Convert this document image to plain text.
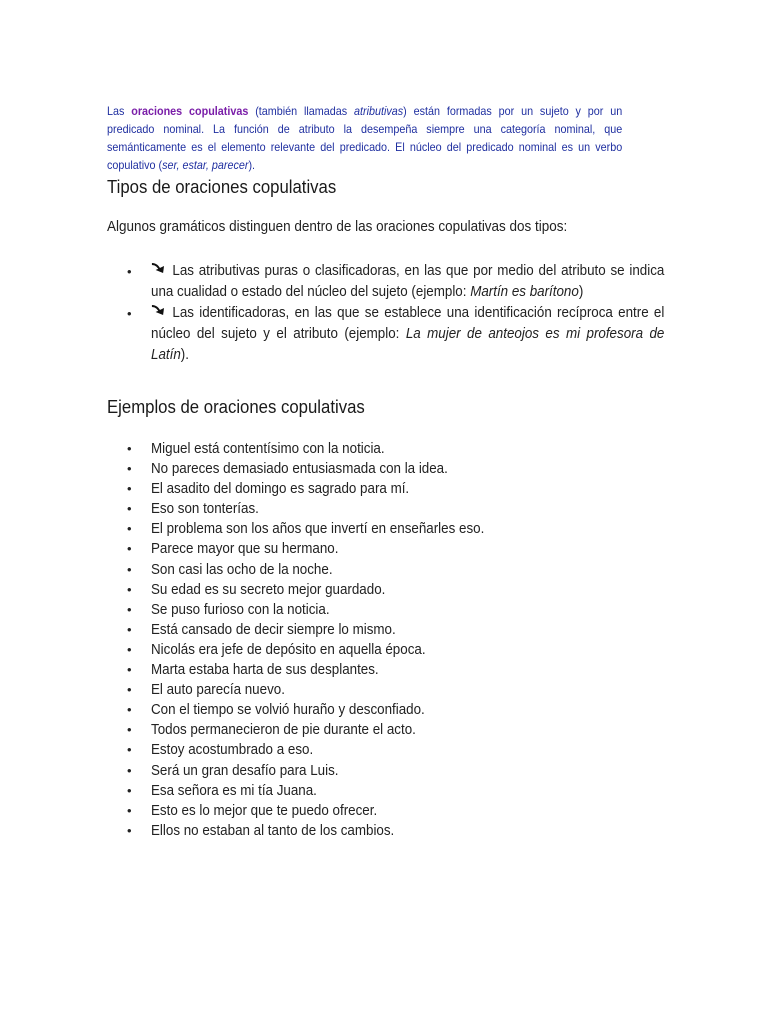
Las oraciones copulativas (también llamadas atributivas) están formadas por un sujeto y por un predicado nominal. La función de atributo la desempeña siempre una categoría nominal, que semánticamente es el elemento relevante del predicado. El núcleo del predicado nominal es un verbo copulativo (ser, estar, parecer).

Tipos de oraciones copulativas
Algunos gramáticos distinguen dentro de las oraciones copulativas dos tipos:
•	Las atributivas puras o clasificadoras, en las que por medio del atributo se indica una cualidad o estado del núcleo del sujeto (ejemplo: Martín es barítono)
•	Las identificadoras, en las que se establece una identificación recíproca entre el núcleo del sujeto y el atributo (ejemplo: La mujer de anteojos es mi profesora de Latín).
Ejemplos de oraciones copulativas
• Miguel está contentísimo con la noticia.
• No pareces demasiado entusiasmada con la idea.
• El asadito del domingo es sagrado para mí.
• Eso son tonterías.
• El problema son los años que invertí en enseñarles eso.
• Parece mayor que su hermano.
• Son casi las ocho de la noche.
• Su edad es su secreto mejor guardado.
• Se puso furioso con la noticia.
• Está cansado de decir siempre lo mismo.
• Nicolás era jefe de depósito en aquella época.
• Marta estaba harta de sus desplantes.
• El auto parecía nuevo.
• Con el tiempo se volvió huraño y desconfiado.
• Todos permanecieron de pie durante el acto.
• Estoy acostumbrado a eso.
• Será un gran desafío para Luis.
• Esa señora es mi tía Juana.
• Esto es lo mejor que te puedo ofrecer.
• Ellos no estaban al tanto de los cambios.
